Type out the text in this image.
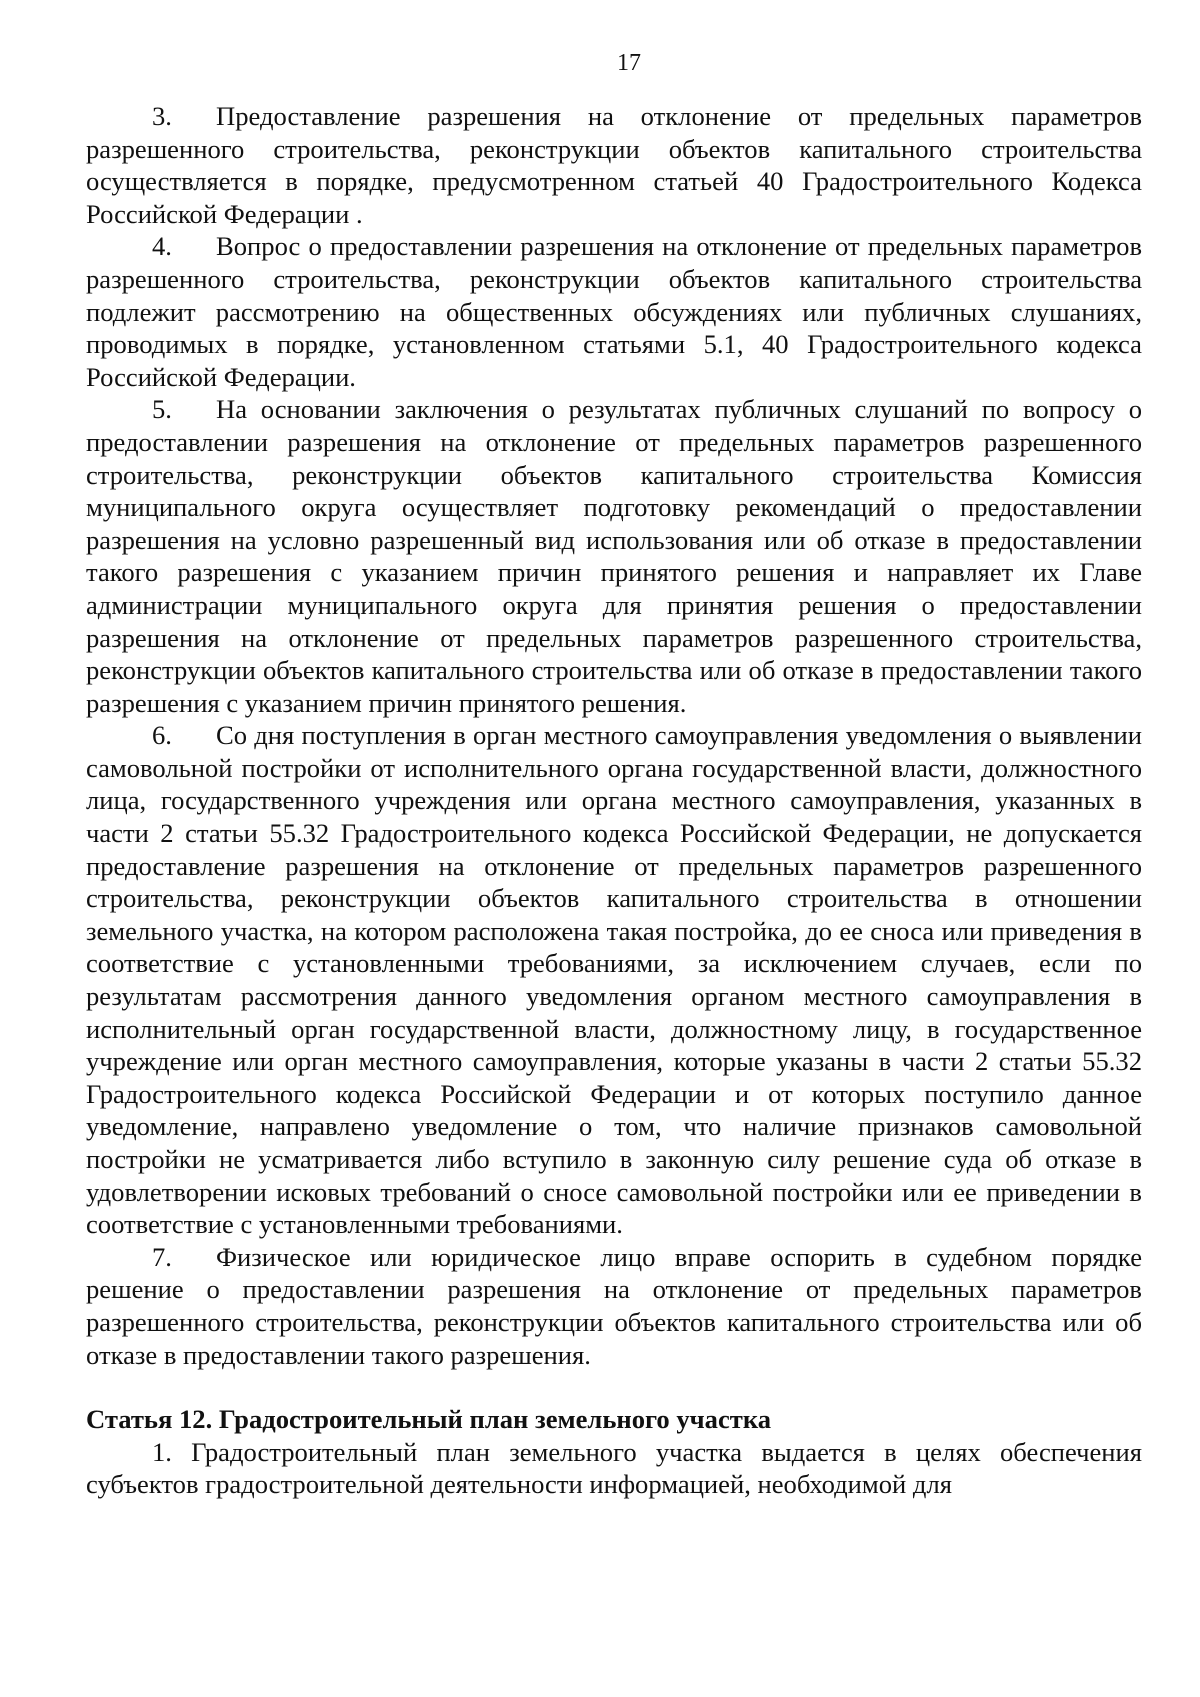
17

3. Предоставление разрешения на отклонение от предельных параметров разрешенного строительства, реконструкции объектов капитального строительства осуществляется в порядке, предусмотренном статьей 40 Градостроительного Кодекса Российской Федерации .

4. Вопрос о предоставлении разрешения на отклонение от предельных параметров разрешенного строительства, реконструкции объектов капитального строительства подлежит рассмотрению на общественных обсуждениях или публичных слушаниях, проводимых в порядке, установленном статьями 5.1, 40 Градостроительного кодекса Российской Федерации.

5. На основании заключения о результатах публичных слушаний по вопросу о предоставлении разрешения на отклонение от предельных параметров разрешенного строительства, реконструкции объектов капитального строительства Комиссия муниципального округа осуществляет подготовку рекомендаций о предоставлении разрешения на условно разрешенный вид использования или об отказе в предоставлении такого разрешения с указанием причин принятого решения и направляет их Главе администрации муниципального округа для принятия решения о предоставлении разрешения на отклонение от предельных параметров разрешенного строительства, реконструкции объектов капитального строительства или об отказе в предоставлении такого разрешения с указанием причин принятого решения.

6. Со дня поступления в орган местного самоуправления уведомления о выявлении самовольной постройки от исполнительного органа государственной власти, должностного лица, государственного учреждения или органа местного самоуправления, указанных в части 2 статьи 55.32 Градостроительного кодекса Российской Федерации, не допускается предоставление разрешения на отклонение от предельных параметров разрешенного строительства, реконструкции объектов капитального строительства в отношении земельного участка, на котором расположена такая постройка, до ее сноса или приведения в соответствие с установленными требованиями, за исключением случаев, если по результатам рассмотрения данного уведомления органом местного самоуправления в исполнительный орган государственной власти, должностному лицу, в государственное учреждение или орган местного самоуправления, которые указаны в части 2 статьи 55.32 Градостроительного кодекса Российской Федерации и от которых поступило данное уведомление, направлено уведомление о том, что наличие признаков самовольной постройки не усматривается либо вступило в законную силу решение суда об отказе в удовлетворении исковых требований о сносе самовольной постройки или ее приведении в соответствие с установленными требованиями.

7. Физическое или юридическое лицо вправе оспорить в судебном порядке решение о предоставлении разрешения на отклонение от предельных параметров разрешенного строительства, реконструкции объектов капитального строительства или об отказе в предоставлении такого разрешения.

Статья 12. Градостроительный план земельного участка

1. Градостроительный план земельного участка выдается в целях обеспечения субъектов градостроительной деятельности информацией, необходимой для
